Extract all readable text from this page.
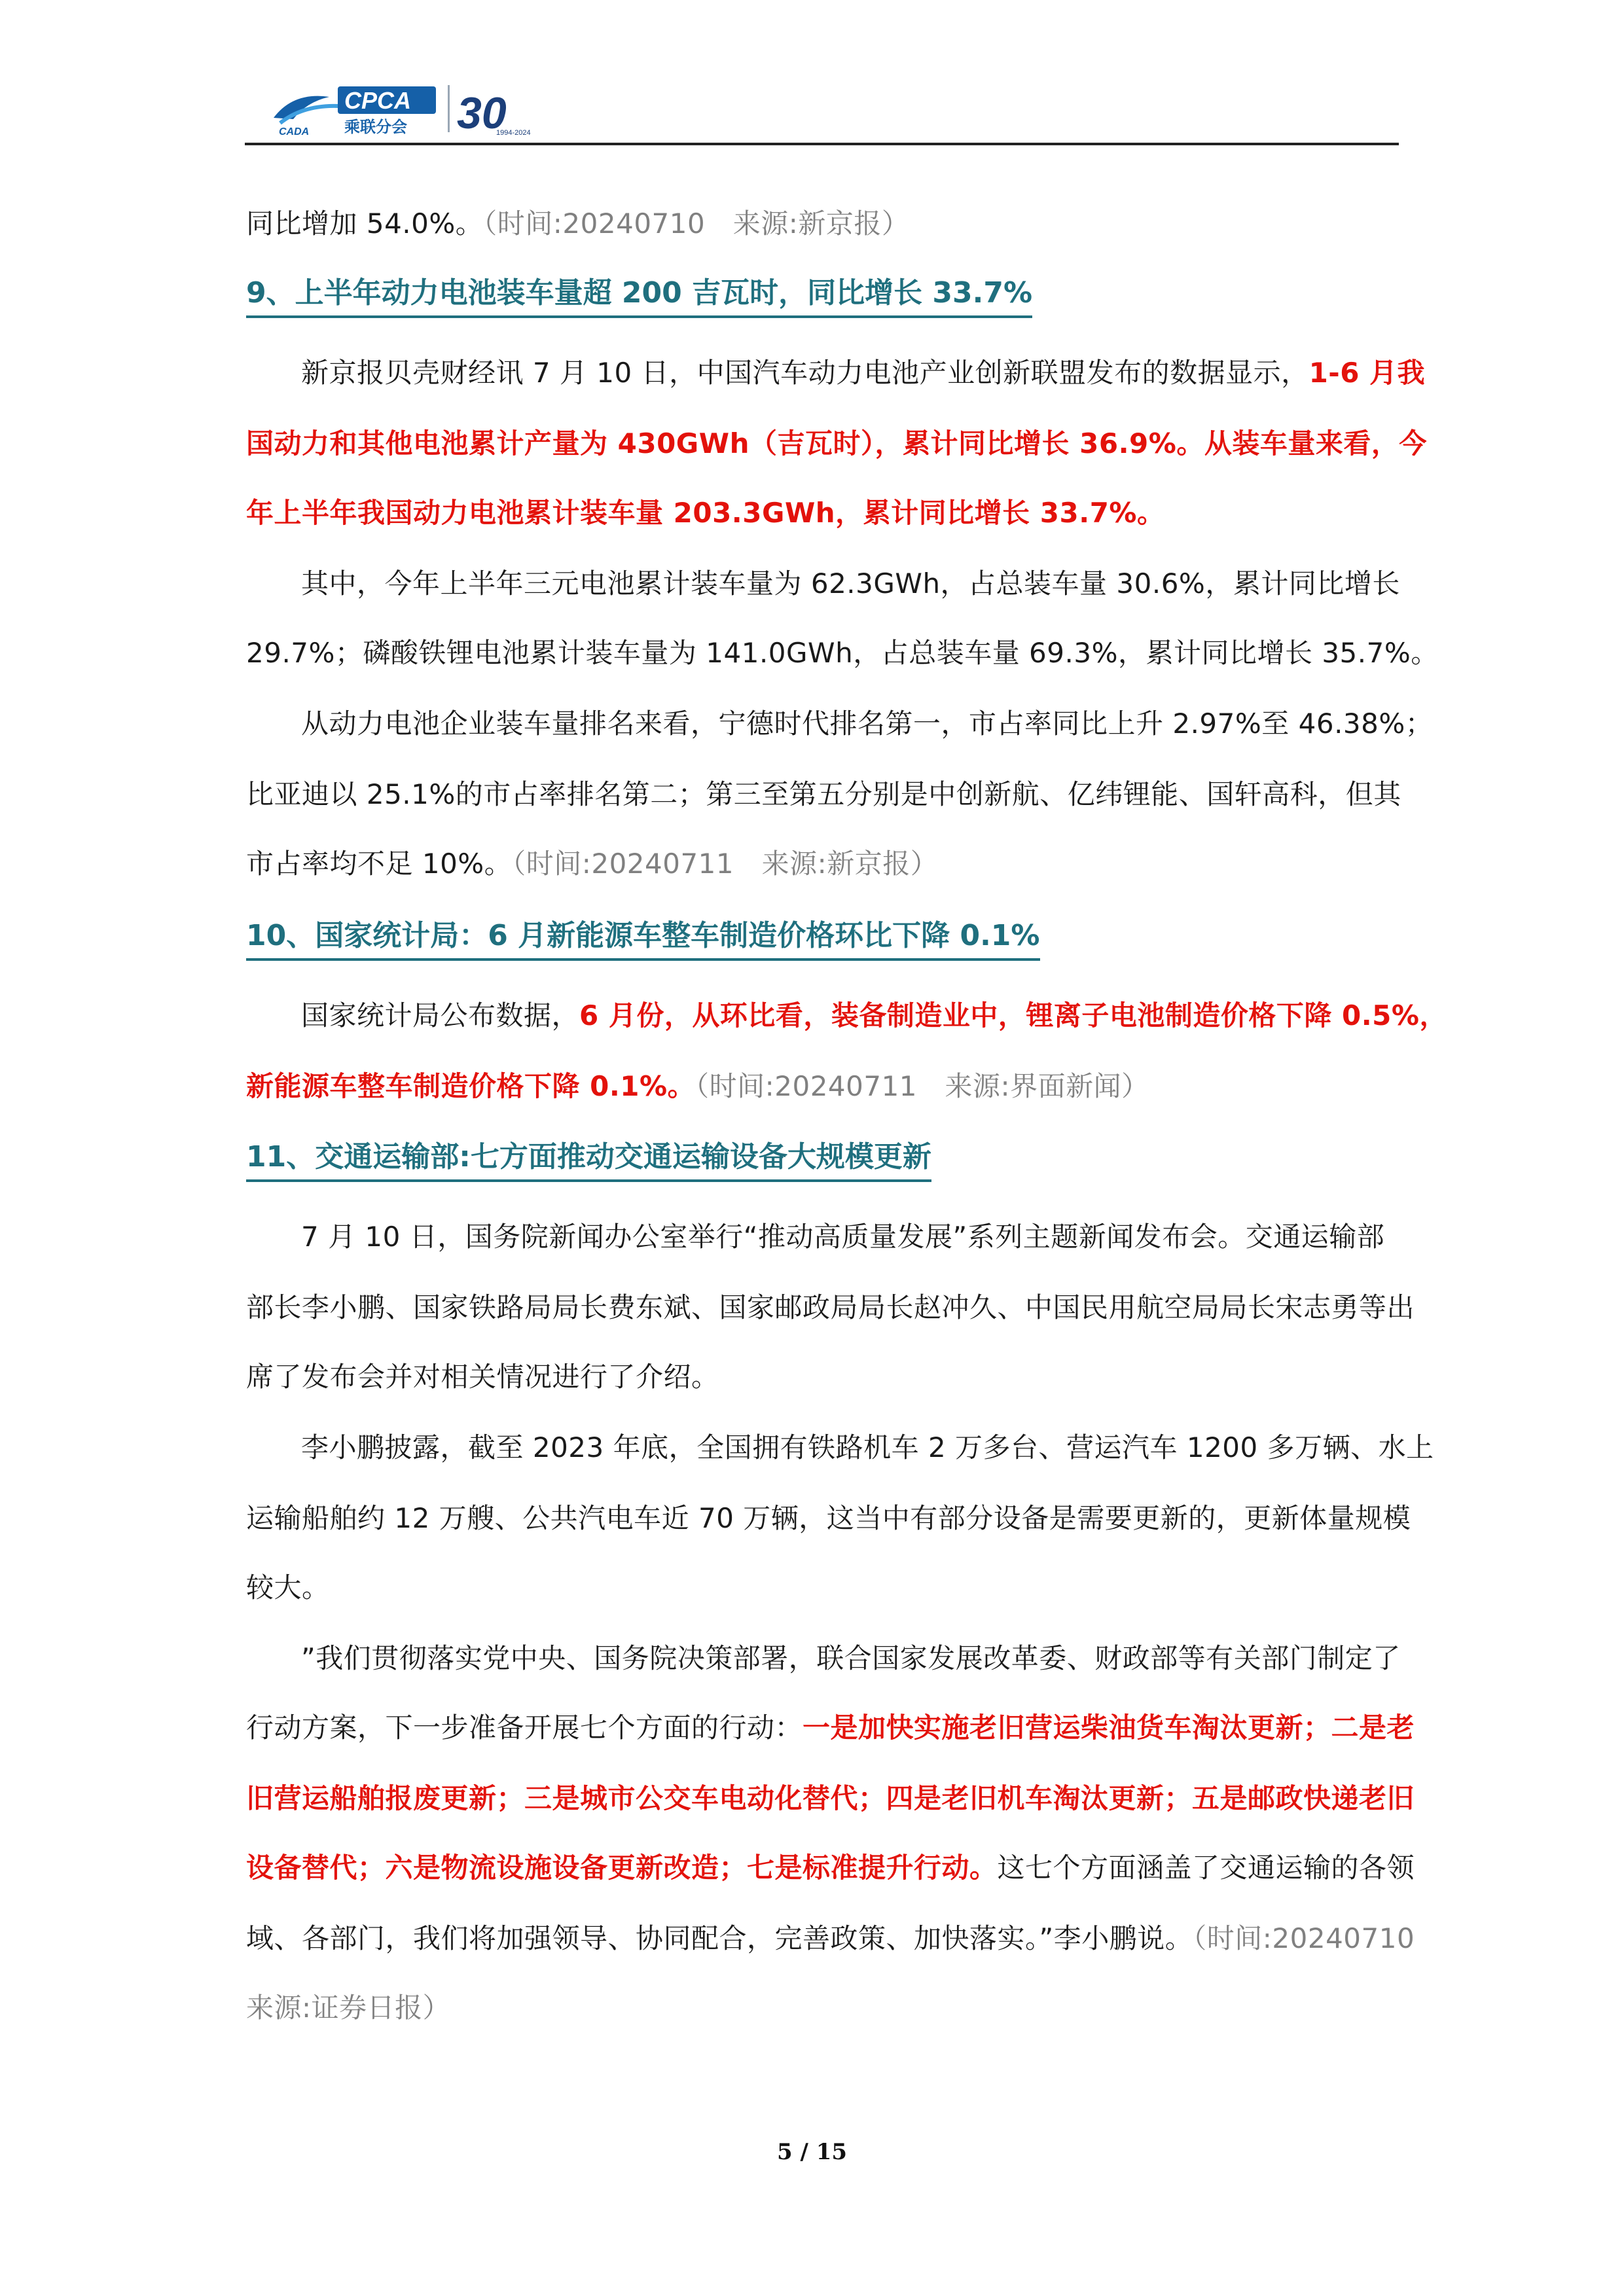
CADA
CPCA
乘联分会 30
1994-2024

同比增加 54.0%。（时间:20240710　来源:新京报）

9、上半年动力电池装车量超 200 吉瓦时，同比增长 33.7%

新京报贝壳财经讯 7 月 10 日，中国汽车动力电池产业创新联盟发布的数据显示，1-6 月我

国动力和其他电池累计产量为 430GWh（吉瓦时），累计同比增长 36.9%。从装车量来看，今

年上半年我国动力电池累计装车量 203.3GWh，累计同比增长 33.7%。

其中，今年上半年三元电池累计装车量为 62.3GWh，占总装车量 30.6%，累计同比增长

29.7%；磷酸铁锂电池累计装车量为 141.0GWh，占总装车量 69.3%，累计同比增长 35.7%。

从动力电池企业装车量排名来看，宁德时代排名第一，市占率同比上升 2.97%至 46.38%；

比亚迪以 25.1%的市占率排名第二；第三至第五分别是中创新航、亿纬锂能、国轩高科，但其

市占率均不足 10%。（时间:20240711　来源:新京报）

10、国家统计局：6 月新能源车整车制造价格环比下降 0.1%

国家统计局公布数据，6 月份，从环比看，装备制造业中，锂离子电池制造价格下降 0.5%，

新能源车整车制造价格下降 0.1%。（时间:20240711　来源:界面新闻）

11、交通运输部:七方面推动交通运输设备大规模更新

7 月 10 日，国务院新闻办公室举行“推动高质量发展”系列主题新闻发布会。交通运输部

部长李小鹏、国家铁路局局长费东斌、国家邮政局局长赵冲久、中国民用航空局局长宋志勇等出

席了发布会并对相关情况进行了介绍。

李小鹏披露，截至 2023 年底，全国拥有铁路机车 2 万多台、营运汽车 1200 多万辆、水上

运输船舶约 12 万艘、公共汽电车近 70 万辆，这当中有部分设备是需要更新的，更新体量规模

较大。

”我们贯彻落实党中央、国务院决策部署，联合国家发展改革委、财政部等有关部门制定了

行动方案，下一步准备开展七个方面的行动：一是加快实施老旧营运柴油货车淘汰更新；二是老

旧营运船舶报废更新；三是城市公交车电动化替代；四是老旧机车淘汰更新；五是邮政快递老旧

设备替代；六是物流设施设备更新改造；七是标准提升行动。这七个方面涵盖了交通运输的各领

域、各部门，我们将加强领导、协同配合，完善政策、加快落实。”李小鹏说。（时间:20240710

来源:证券日报）

5 / 15
